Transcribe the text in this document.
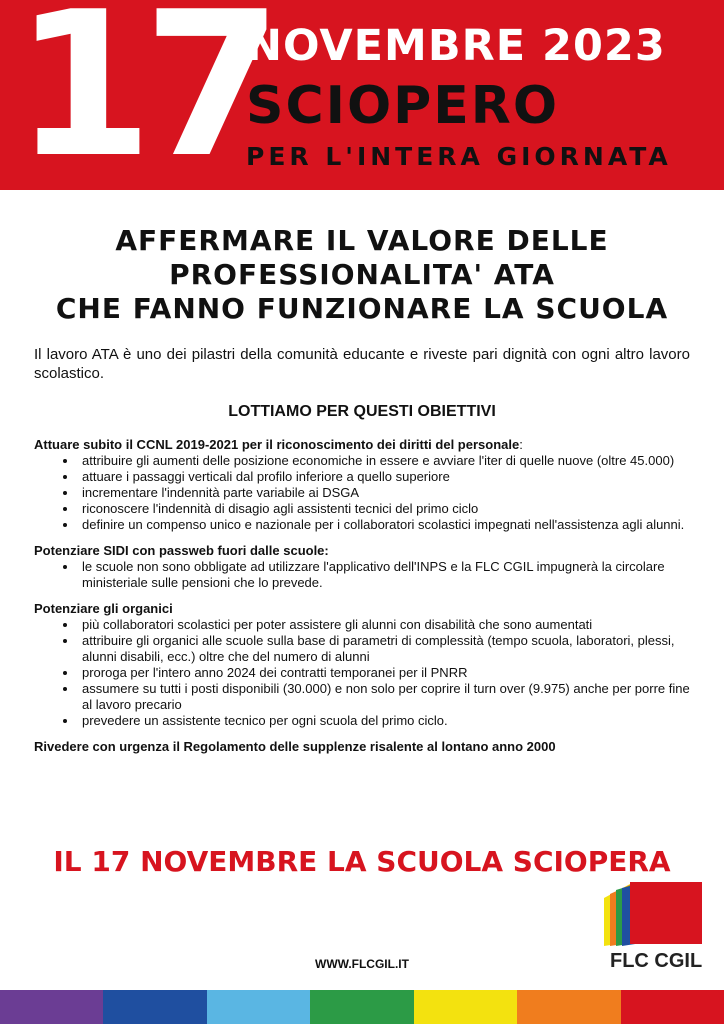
17
NOVEMBRE 2023
SCIOPERO
PER L'INTERA GIORNATA
AFFERMARE IL VALORE DELLE
PROFESSIONALITA' ATA
CHE FANNO FUNZIONARE LA SCUOLA
Il lavoro ATA è uno dei pilastri della comunità educante e riveste pari dignità con ogni altro lavoro scolastico.
LOTTIAMO PER QUESTI OBIETTIVI
Attuare subito il CCNL 2019-2021 per il riconoscimento dei diritti del personale:
• attribuire gli aumenti delle posizione economiche in essere e avviare l'iter di quelle nuove (oltre 45.000)
• attuare i passaggi verticali dal profilo inferiore a quello superiore
• incrementare l'indennità parte variabile ai DSGA
• riconoscere l'indennità di disagio agli assistenti tecnici del primo ciclo
• definire un compenso unico e nazionale per i collaboratori scolastici impegnati nell'assistenza agli alunni.
Potenziare SIDI con passweb fuori dalle scuole:
• le scuole non sono obbligate ad utilizzare l'applicativo dell'INPS e la FLC CGIL impugnerà la circolare ministeriale sulle pensioni che lo prevede.
Potenziare gli organici
• più collaboratori scolastici per poter assistere gli alunni con disabilità che sono aumentati
• attribuire gli organici alle scuole sulla base di parametri di complessità (tempo scuola, laboratori, plessi, alunni disabili, ecc.) oltre che del numero di alunni
• proroga per l'intero anno 2024 dei contratti temporanei per il PNRR
• assumere su tutti i posti disponibili (30.000) e non solo per coprire il turn over (9.975) anche per porre fine al lavoro precario
• prevedere un assistente tecnico per ogni scuola del primo ciclo.
Rivedere con urgenza il Regolamento delle supplenze risalente al lontano anno 2000
IL 17 NOVEMBRE LA SCUOLA SCIOPERA
FLC CGIL
WWW.FLCGIL.IT
